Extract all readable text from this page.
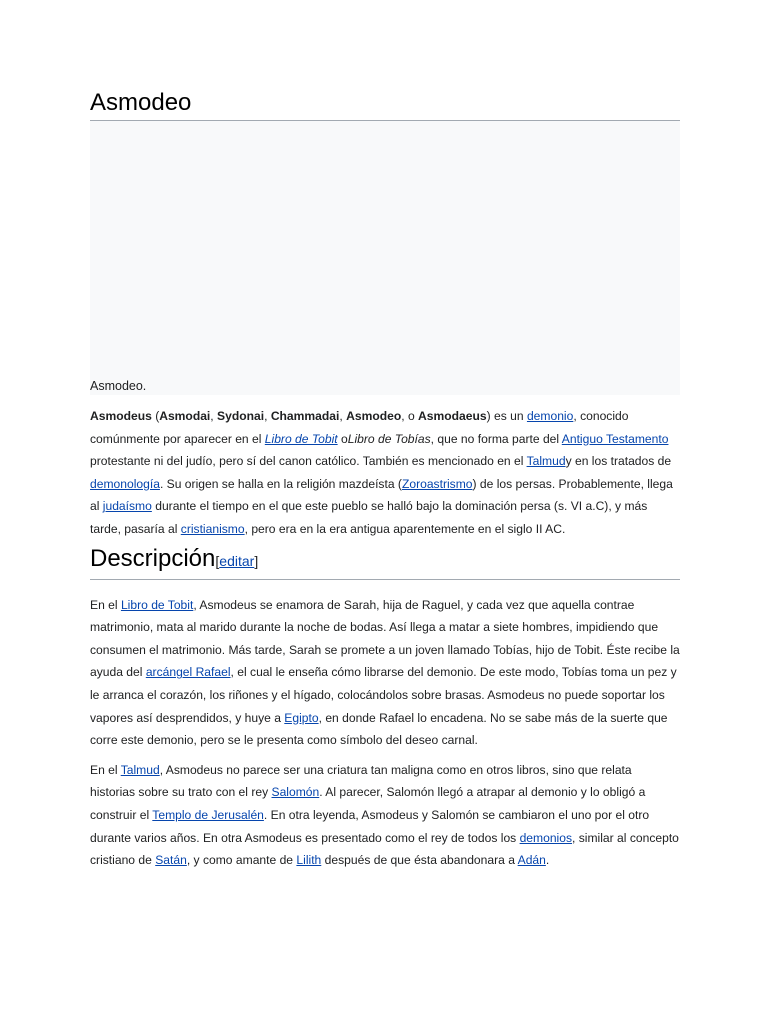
Asmodeo
Asmodeo.

Asmodeus (Asmodai, Sydonai, Chammadai, Asmodeo, o Asmodaeus) es un demonio, conocido comúnmente por aparecer en el Libro de Tobit oLibro de Tobías, que no forma parte del Antiguo Testamento protestante ni del judío, pero sí del canon católico. También es mencionado en el Talmudy en los tratados de demonología. Su origen se halla en la religión mazdeísta (Zoroastrismo) de los persas. Probablemente, llega al judaísmo durante el tiempo en el que este pueblo se halló bajo la dominación persa (s. VI a.C), y más tarde, pasaría al cristianismo, pero era en la era antigua aparentemente en el siglo II AC.

Descripción[editar]

En el Libro de Tobit, Asmodeus se enamora de Sarah, hija de Raguel, y cada vez que aquella contrae matrimonio, mata al marido durante la noche de bodas. Así llega a matar a siete hombres, impidiendo que consumen el matrimonio. Más tarde, Sarah se promete a un joven llamado Tobías, hijo de Tobit. Éste recibe la ayuda del arcángel Rafael, el cual le enseña cómo librarse del demonio. De este modo, Tobías toma un pez y le arranca el corazón, los riñones y el hígado, colocándolos sobre brasas. Asmodeus no puede soportar los vapores así desprendidos, y huye a Egipto, en donde Rafael lo encadena. No se sabe más de la suerte que corre este demonio, pero se le presenta como símbolo del deseo carnal.

En el Talmud, Asmodeus no parece ser una criatura tan maligna como en otros libros, sino que relata historias sobre su trato con el rey Salomón. Al parecer, Salomón llegó a atrapar al demonio y lo obligó a construir el Templo de Jerusalén. En otra leyenda, Asmodeus y Salomón se cambiaron el uno por el otro durante varios años. En otra Asmodeus es presentado como el rey de todos los demonios, similar al concepto cristiano de Satán, y como amante de Lilith después de que ésta abandonara a Adán.
